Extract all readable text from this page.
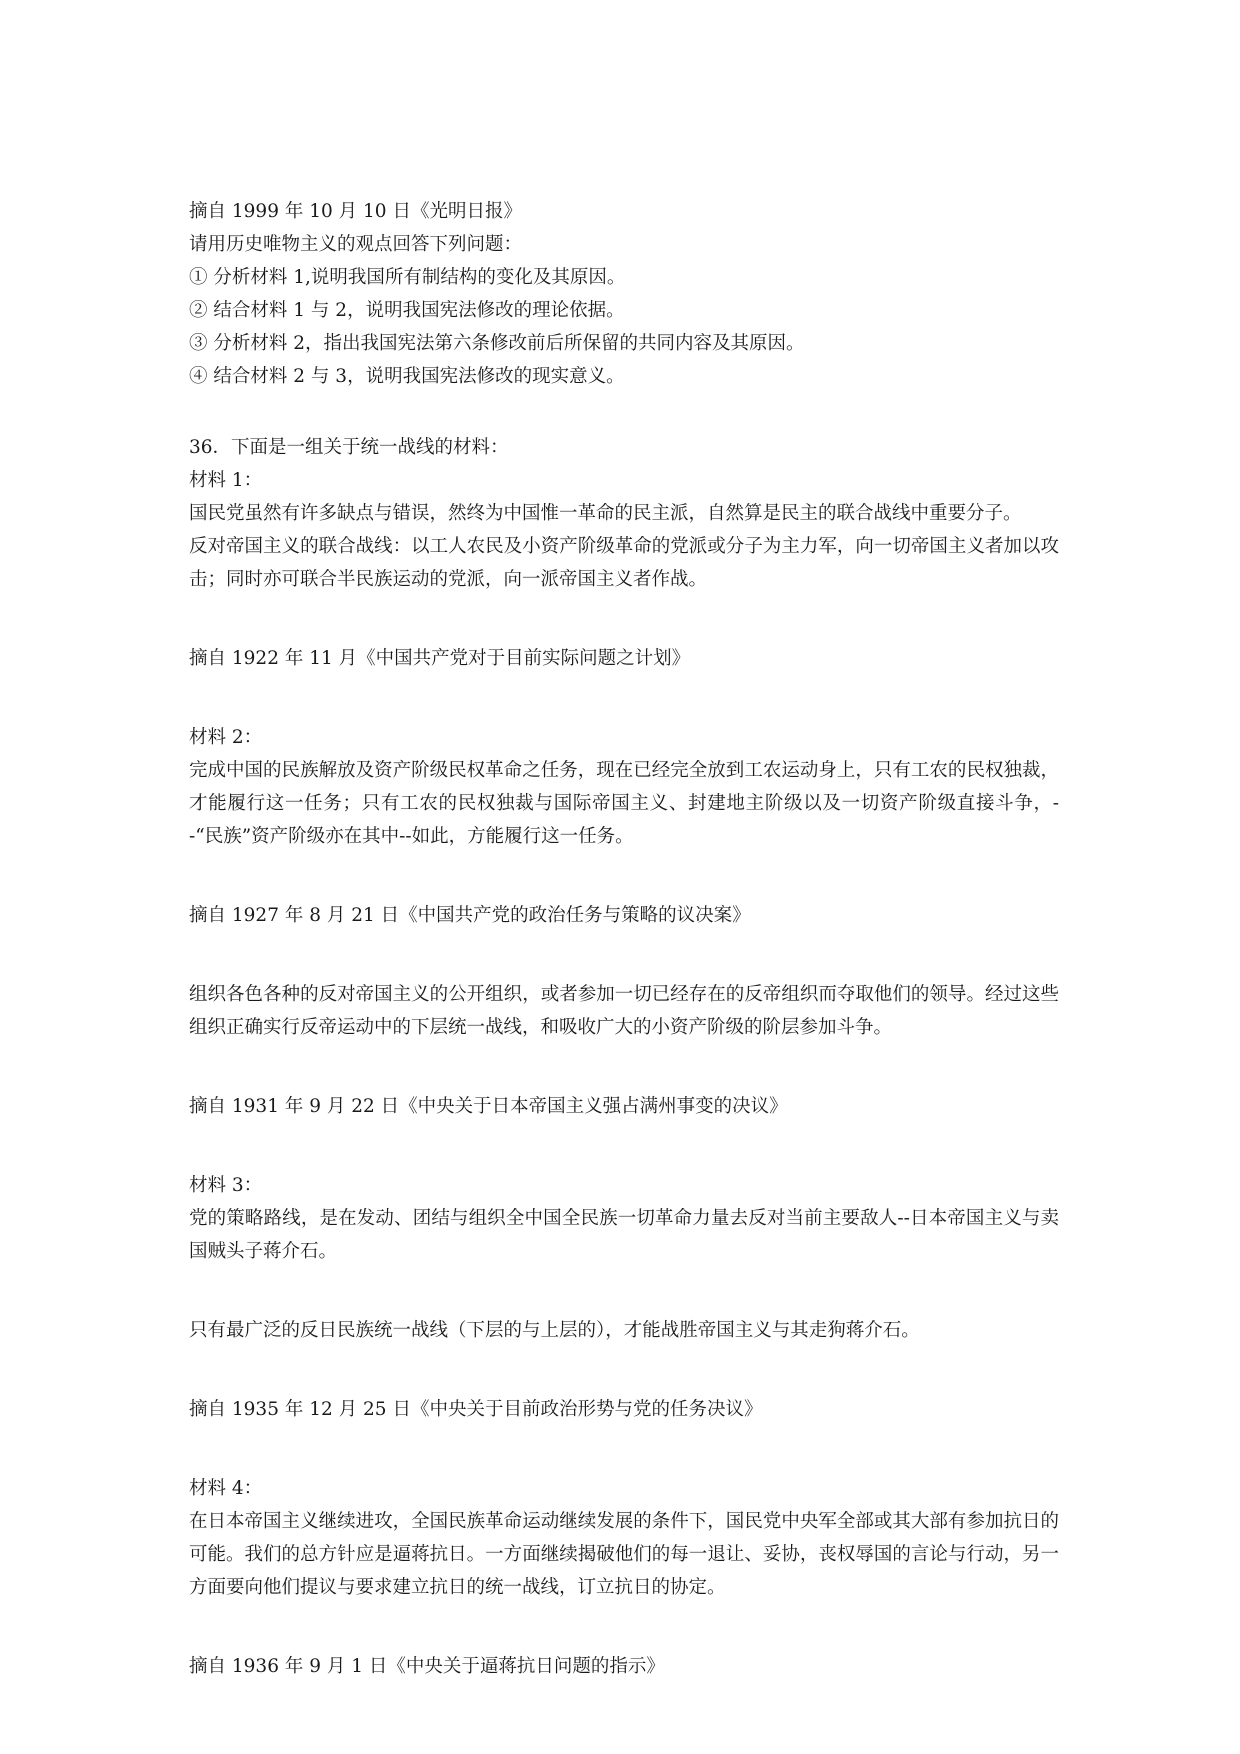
摘自 1999 年 10 月 10 日《光明日报》
请用历史唯物主义的观点回答下列问题：
① 分析材料 1,说明我国所有制结构的变化及其原因。
② 结合材料 1 与 2，说明我国宪法修改的理论依据。
③ 分析材料 2，指出我国宪法第六条修改前后所保留的共同内容及其原因。
④ 结合材料 2 与 3，说明我国宪法修改的现实意义。
36．下面是一组关于统一战线的材料：
材料 1：
国民党虽然有许多缺点与错误，然终为中国惟一革命的民主派，自然算是民主的联合战线中重要分子。
反对帝国主义的联合战线：以工人农民及小资产阶级革命的党派或分子为主力军，向一切帝国主义者加以攻击；同时亦可联合半民族运动的党派，向一派帝国主义者作战。
摘自 1922 年 11 月《中国共产党对于目前实际问题之计划》
材料 2：
完成中国的民族解放及资产阶级民权革命之任务，现在已经完全放到工农运动身上，只有工农的民权独裁，才能履行这一任务；只有工农的民权独裁与国际帝国主义、封建地主阶级以及一切资产阶级直接斗争，--“民族”资产阶级亦在其中--如此，方能履行这一任务。
摘自 1927 年 8 月 21 日《中国共产党的政治任务与策略的议决案》
组织各色各种的反对帝国主义的公开组织，或者参加一切已经存在的反帝组织而夺取他们的领导。经过这些组织正确实行反帝运动中的下层统一战线，和吸收广大的小资产阶级的阶层参加斗争。
摘自 1931 年 9 月 22 日《中央关于日本帝国主义强占满州事变的决议》
材料 3：
党的策略路线，是在发动、团结与组织全中国全民族一切革命力量去反对当前主要敌人--日本帝国主义与卖国贼头子蒋介石。
只有最广泛的反日民族统一战线（下层的与上层的），才能战胜帝国主义与其走狗蒋介石。
摘自 1935 年 12 月 25 日《中央关于目前政治形势与党的任务决议》
材料 4：
在日本帝国主义继续进攻，全国民族革命运动继续发展的条件下，国民党中央军全部或其大部有参加抗日的可能。我们的总方针应是逼蒋抗日。一方面继续揭破他们的每一退让、妥协，丧权辱国的言论与行动，另一方面要向他们提议与要求建立抗日的统一战线，订立抗日的协定。
摘自 1936 年 9 月 1 日《中央关于逼蒋抗日问题的指示》
